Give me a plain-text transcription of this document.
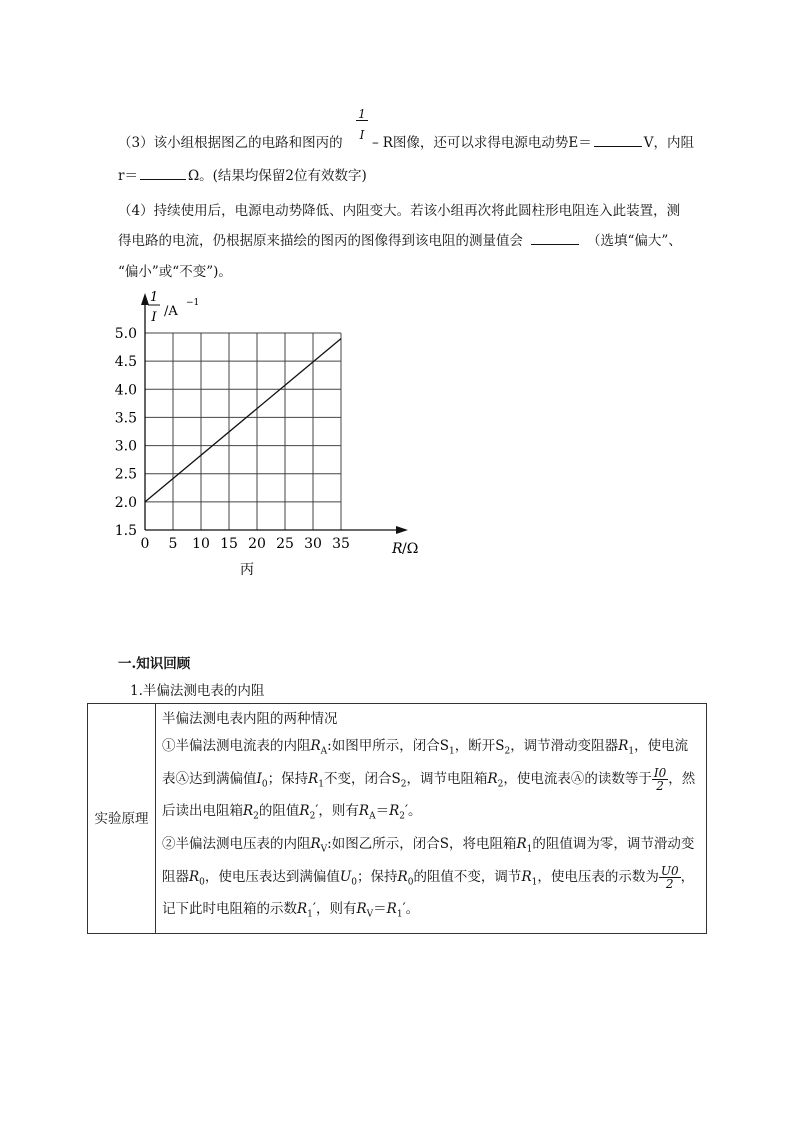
（3）该小组根据图乙的电路和图丙的
$\frac{1}{I}$
– R图像，还可以求得电源电动势E＝	V，内阻
r＝	Ω。(结果均保留2位有效数字)
（4）持续使用后，电源电动势降低、内阻变大。若该小组再次将此圆柱形电阻连入此装置，测
得电路的电流，仍根据原来描绘的图丙的图像得到该电阻的测量值会	（选填“偏大”、
“偏小”或“不变”)。
0 5 10 15 20 25 30 35
1.5
2.0
2.5
3.0
3.5
4.0
4.5
5.0
1
I /A
−1
R /Ω
丙
一.知识回顾
1.半偏法测电表的内阻
实验原理	

半偏法测电表内阻的两种情况

①半偏法测电流表的内阻$R_A$:如图甲所示，闭合$S_1$，断开$S_2$，调节滑动变阻器$R_1$，使电流表Ⓐ达到满偏值$I_0$；保持$R_1$不变，闭合$S_2$，调节电阻箱$R_2$，使电流表Ⓐ的读数等于 $\frac{I0}{2}$ ，然后读出电阻箱$R_2$的阻值$R_2'$，则有$R_A=R_2'$。

②半偏法测电压表的内阻$R_V$:如图乙所示，闭合S，将电阻箱$R_1$的阻值调为零，调节滑动变阻器$R_0$，使电压表达到满偏值$U_0$；保持$R_0$的阻值不变，调节$R_1$，使电压表的示数为 $\frac{U0}{2}$ ，记下此时电阻箱的示数$R_1'$，则有$R_V=R_1'$。
